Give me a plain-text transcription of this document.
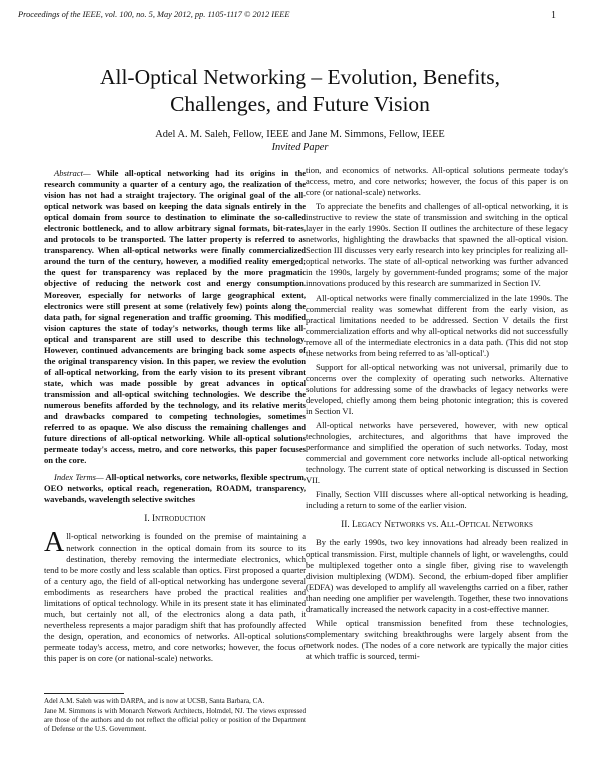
Proceedings of the IEEE, vol. 100, no. 5, May 2012, pp. 1105-1117 © 2012 IEEE	1
All-Optical Networking – Evolution, Benefits,
Challenges, and Future Vision
Adel A. M. Saleh, Fellow, IEEE and Jane M. Simmons, Fellow, IEEE
Invited Paper

Abstract— While all-optical networking had its origins in the research community a quarter of a century ago, the realization of the vision has not had a straight trajectory. The original goal of the all-optical network was based on keeping the data signals entirely in the optical domain from source to destination to eliminate the so-called electronic bottleneck, and to allow arbitrary signal formats, bit-rates, and protocols to be transported. The latter property is referred to as transparency. When all-optical networks were finally commercialized around the turn of the century, however, a modified reality emerged; the quest for transparency was replaced by the more pragmatic objective of reducing the network cost and energy consumption. Moreover, especially for networks of large geographical extent, electronics were still present at some (relatively few) points along the data path, for signal regeneration and traffic grooming. This modified vision captures the state of today's networks, though terms like all-optical and transparent are still used to describe this technology. However, continued advancements are bringing back some aspects of the original transparency vision. In this paper, we review the evolution of all-optical networking, from the early vision to its present vibrant state, which was made possible by great advances in optical transmission and all-optical switching technologies. We describe the numerous benefits afforded by the technology, and its relative merits and drawbacks compared to competing technologies, sometimes referred to as opaque. We also discuss the remaining challenges and future directions of all-optical networking. While all-optical solutions permeate today's access, metro, and core networks, this paper focuses on the core.

Index Terms— All-optical networks, core networks, flexible spectrum, OEO networks, optical reach, regeneration, ROADM, transparency, wavebands, wavelength selective switches

I. Introduction

All-optical networking is founded on the premise of maintaining a network connection in the optical domain from its source to its destination, thereby removing the intermediate electronics, which tend to be more costly and less scalable than optics. First proposed a quarter of a century ago, the field of all-optical networking has undergone several embodiments as researchers have probed the practical realities and limitations of optical technology. While in its present state it has eliminated much, but certainly not all, of the electronics along a data path, it nevertheless represents a major paradigm shift that has profoundly affected the design, operation, and economics of networks. All-optical solutions permeate today's access, metro, and core networks; however, the focus of this paper is on core (or national-scale) networks.

Adel A.M. Saleh was with DARPA, and is now at UCSB, Santa Barbara, CA.

Jane M. Simmons is with Monarch Network Architects, Holmdel, NJ. The views expressed are those of the authors and do not reflect the official policy or position of the Department of Defense or the U.S. Government.

tion, and economics of networks. All-optical solutions permeate today's access, metro, and core networks; however, the focus of this paper is on core (or national-scale) networks.

To appreciate the benefits and challenges of all-optical networking, it is instructive to review the state of transmission and switching in the optical layer in the early 1990s. Section II outlines the architecture of these legacy networks, highlighting the drawbacks that spawned the all-optical vision. Section III discusses very early research into key principles for realizing all-optical networks. The state of all-optical networking was further advanced in the 1990s, largely by government-funded programs; some of the major innovations produced by this research are summarized in Section IV.

All-optical networks were finally commercialized in the late 1990s. The commercial reality was somewhat different from the early vision, as practical limitations needed to be addressed. Section V details the first commercialization efforts and why all-optical networks did not successfully remove all of the intermediate electronics in a data path. (This did not stop these networks from being referred to as 'all-optical'.)

Support for all-optical networking was not universal, primarily due to concerns over the complexity of operating such networks. Alternative solutions for addressing some of the drawbacks of legacy networks were developed, chiefly among them being photonic integration; this is covered in Section VI.

All-optical networks have persevered, however, with new optical technologies, architectures, and algorithms that have improved the performance and simplified the operation of such networks. Today, most commercial and government core networks include all-optical networking technology. The current state of optical networking is discussed in Section VII.

Finally, Section VIII discusses where all-optical networking is heading, including a return to some of the earlier vision.

II. Legacy Networks vs. All-Optical Networks

By the early 1990s, two key innovations had already been realized in optical transmission. First, multiple channels of light, or wavelengths, could be multiplexed together onto a single fiber, giving rise to wavelength division multiplexing (WDM). Second, the erbium-doped fiber amplifier (EDFA) was developed to amplify all wavelengths carried on a fiber, rather than needing one amplifier per wavelength. Together, these two innovations dramatically increased the network capacity in a cost-effective manner.

While optical transmission benefited from these technologies, complementary switching breakthroughs were largely absent from the network nodes. (The nodes of a core network are typically the major cities at which traffic is sourced, termi-
